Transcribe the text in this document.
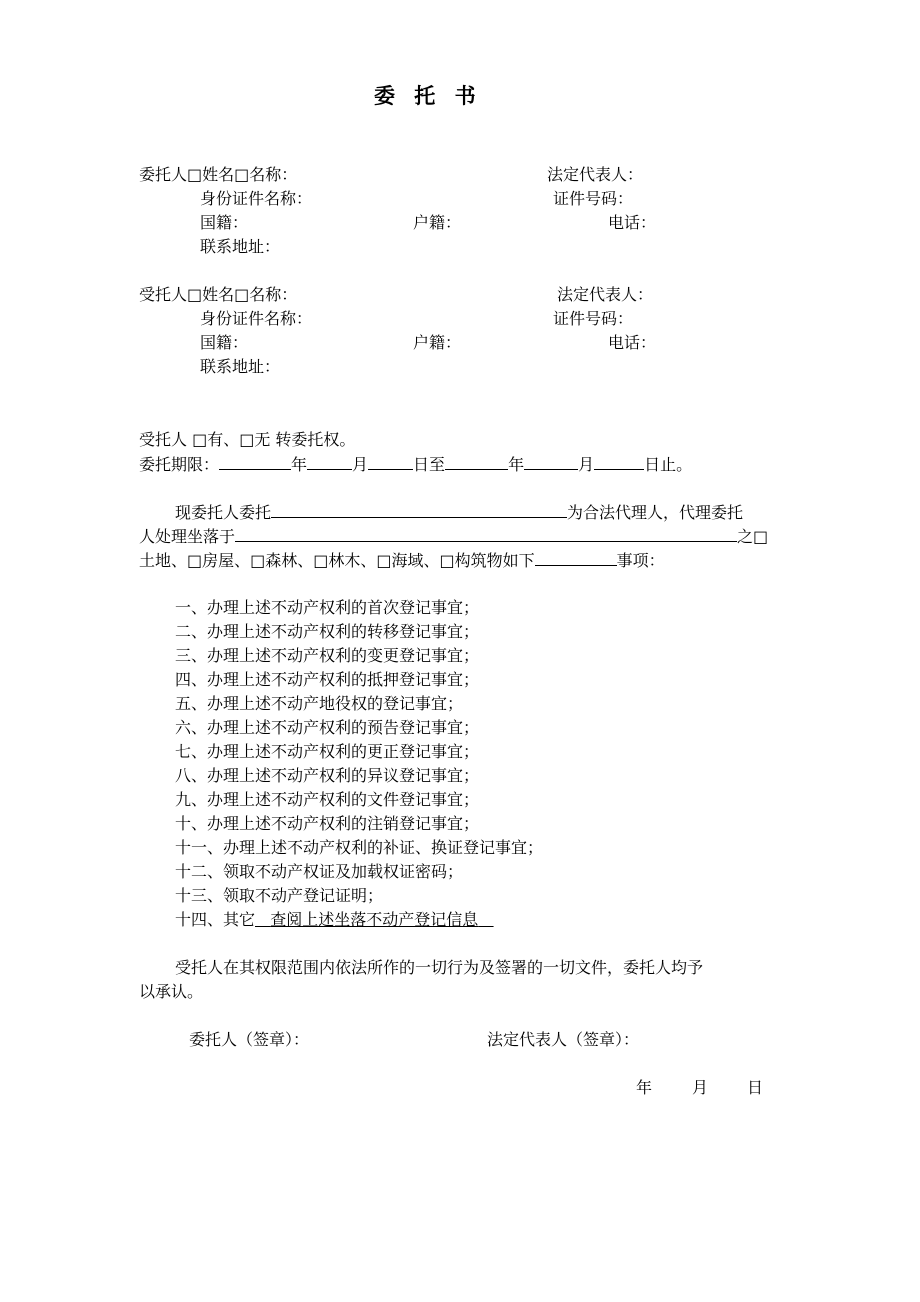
委 托 书
委托人□姓名□名称：	法定代表人：
身份证件名称：	证件号码：
国籍：	户籍：	电话：
联系地址：
受托人□姓名□名称：	法定代表人：
身份证件名称：	证件号码：
国籍：	户籍：	电话：
联系地址：
受托人 □有、□无 转委托权。
委托期限：	年	月	日至	年	月	日止。
现委托人委托	为合法代理人，代理委托
人处理坐落于	之□
土地、□房屋、□森林、□林木、□海域、□构筑物如下	事项：
一、办理上述不动产权利的首次登记事宜；
二、办理上述不动产权利的转移登记事宜；
三、办理上述不动产权利的变更登记事宜；
四、办理上述不动产权利的抵押登记事宜；
五、办理上述不动产地役权的登记事宜；
六、办理上述不动产权利的预告登记事宜；
七、办理上述不动产权利的更正登记事宜；
八、办理上述不动产权利的异议登记事宜；
九、办理上述不动产权利的文件登记事宜；
十、办理上述不动产权利的注销登记事宜；
十一、办理上述不动产权利的补证、换证登记事宜；
十二、领取不动产权证及加载权证密码；
十三、领取不动产登记证明；
十四、其它 查阅上述坐落不动产登记信息
受托人在其权限范围内依法所作的一切行为及签署的一切文件，委托人均予
以承认。
委托人（签章）：	法定代表人（签章）：
年 月 日
